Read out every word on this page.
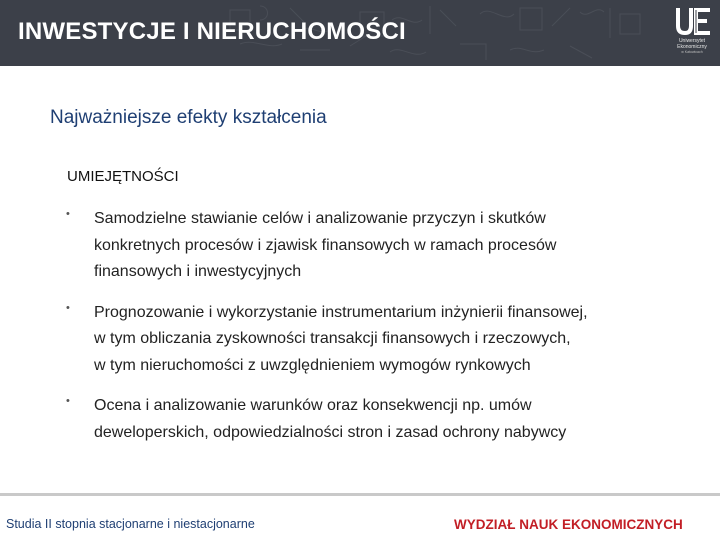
INWESTYCJE I NIERUCHOMOŚCI	Uniwersytet
Ekonomiczny
w Katowicach
Najważniejsze efekty kształcenia
UMIEJĘTNOŚCI
• Samodzielne stawianie celów i analizowanie przyczyn i skutków
konkretnych procesów i zjawisk finansowych w ramach procesów
finansowych i inwestycyjnych
• Prognozowanie i wykorzystanie instrumentarium inżynierii finansowej,
w tym obliczania zyskowności transakcji finansowych i rzeczowych,
w tym nieruchomości z uwzględnieniem wymogów rynkowych
• Ocena i analizowanie warunków oraz konsekwencji np. umów
deweloperskich, odpowiedzialności stron i zasad ochrony nabywcy
Studia II stopnia stacjonarne i niestacjonarne	WYDZIAŁ NAUK EKONOMICZNYCH
